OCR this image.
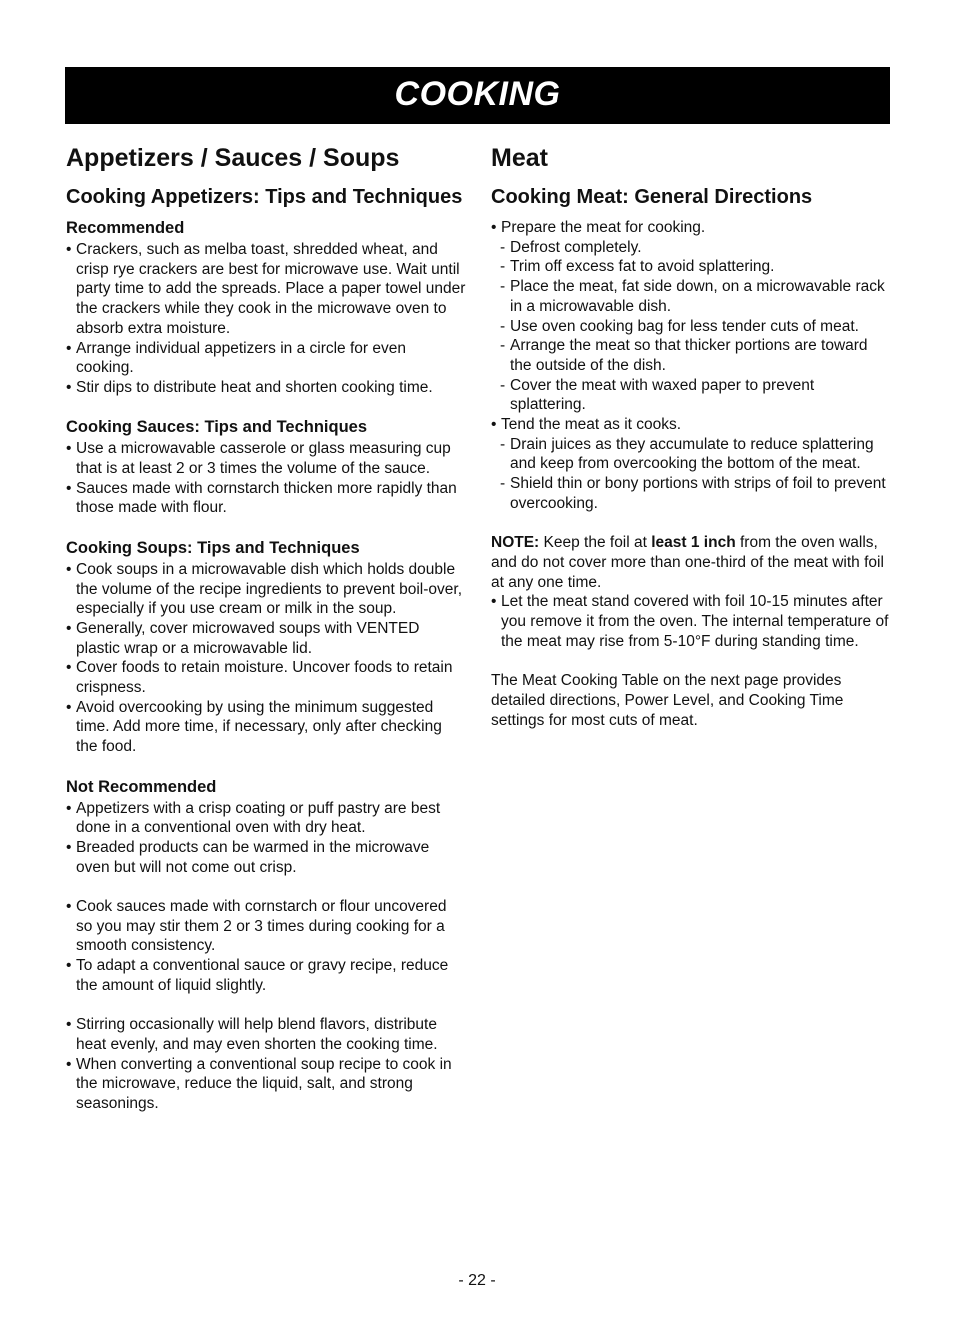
COOKING
Appetizers / Sauces / Soups
Cooking Appetizers: Tips and Techniques
Recommended
• Crackers, such as melba toast, shredded wheat, and crisp rye crackers are best for microwave use. Wait until party time to add the spreads. Place a paper towel under the crackers while they cook in the microwave oven to absorb extra moisture.
• Arrange individual appetizers in a circle for even cooking.
• Stir dips to distribute heat and shorten cooking time.
Cooking Sauces: Tips and Techniques
• Use a microwavable casserole or glass measuring cup that is at least 2 or 3 times the volume of the sauce.
• Sauces made with cornstarch thicken more rapidly than those made with flour.
Cooking Soups: Tips and Techniques
• Cook soups in a microwavable dish which holds double the volume of the recipe ingredients to prevent boil-over, especially if you use cream or milk in the soup.
• Generally, cover microwaved soups with VENTED plastic wrap or a microwavable lid.
• Cover foods to retain moisture. Uncover foods to retain crispness.
• Avoid overcooking by using the minimum suggested time. Add more time, if necessary, only after checking the food.
Not Recommended
• Appetizers with a crisp coating or puff pastry are best done in a conventional oven with dry heat.
• Breaded products can be warmed in the microwave oven but will not come out crisp.
• Cook sauces made with cornstarch or flour uncovered so you may stir them 2 or 3 times during cooking for a smooth consistency.
• To adapt a conventional sauce or gravy recipe, reduce the amount of liquid slightly.
• Stirring occasionally will help blend flavors, distribute heat evenly, and may even shorten the cooking time.
• When converting a conventional soup recipe to cook in the microwave, reduce the liquid, salt, and strong seasonings.
Meat
Cooking Meat: General Directions
• Prepare the meat for cooking.
- Defrost completely.
- Trim off excess fat to avoid splattering.
- Place the meat, fat side down, on a microwavable rack in a microwavable dish.
- Use oven cooking bag for less tender cuts of meat.
- Arrange the meat so that thicker portions are toward the outside of the dish.
- Cover the meat with waxed paper to prevent splattering.
• Tend the meat as it cooks.
- Drain juices as they accumulate to reduce splattering and keep from overcooking the bottom of the meat.
- Shield thin or bony portions with strips of foil to prevent overcooking.

NOTE: Keep the foil at least 1 inch from the oven walls, and do not cover more than one-third of the meat with foil at any one time.

• Let the meat stand covered with foil 10-15 minutes after you remove it from the oven. The internal temperature of the meat may rise from 5-10°F during standing time.

The Meat Cooking Table on the next page provides detailed directions, Power Level, and Cooking Time settings for most cuts of meat.

- 22 -
